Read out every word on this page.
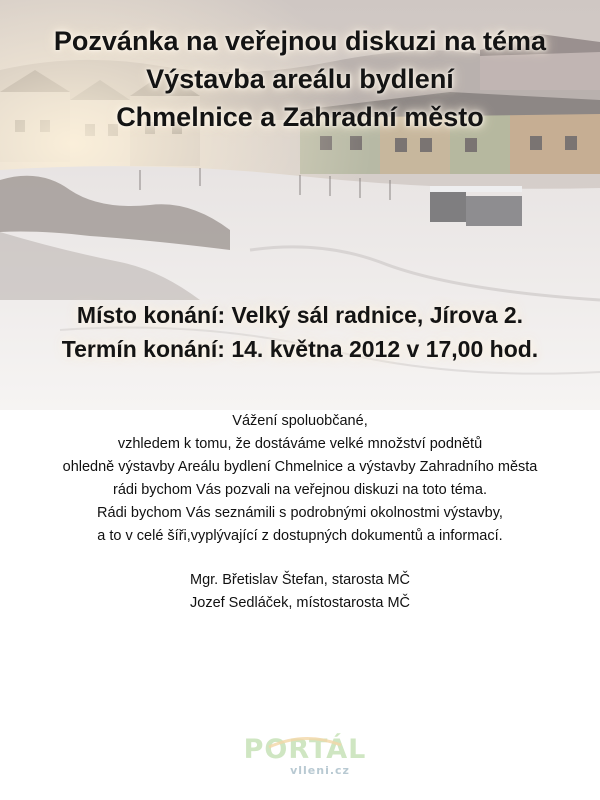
Pozvánka na veřejnou diskuzi na téma
Výstavba areálu bydlení
Chmelnice a Zahradní město
Místo konání: Velký sál radnice, Jírova 2.
Termín konání: 14. května 2012 v 17,00 hod.
Vážení spoluobčané,
vzhledem k tomu, že dostáváme velké množství podnětů
ohledně výstavby Areálu bydlení Chmelnice a výstavby Zahradního města
rádi bychom Vás pozvali na veřejnou diskuzi na toto téma.
Rádi bychom Vás seznámili s podrobnými okolnostmi výstavby,
a to v celé šíři,vyplývající z dostupných dokumentů a informací.
Mgr. Břetislav Štefan, starosta MČ
Jozef Sedláček, místostarosta MČ
PORTÁL
vlleni.cz
